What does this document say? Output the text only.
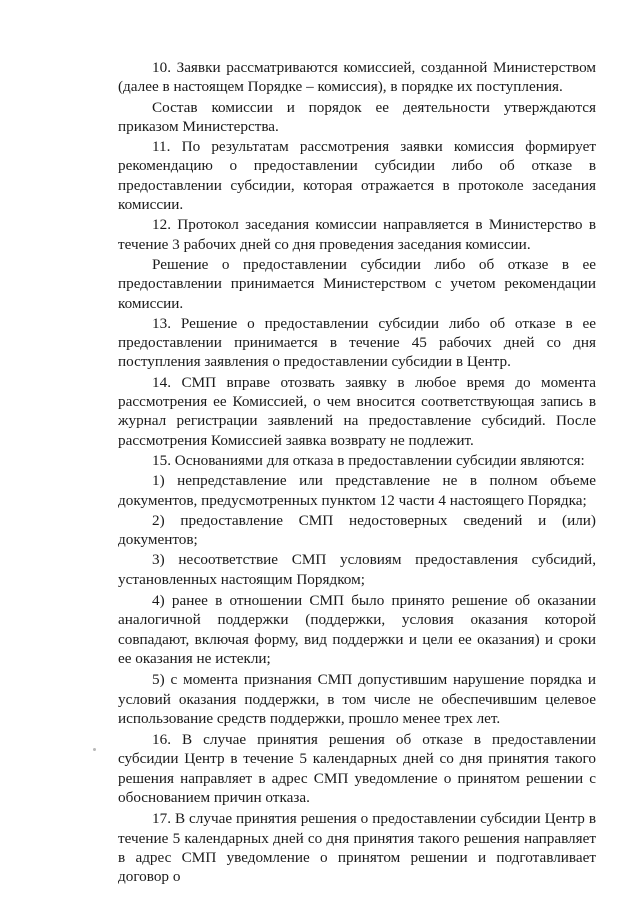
10. Заявки рассматриваются комиссией, созданной Министерством (далее в настоящем Порядке – комиссия), в порядке их поступления.

Состав комиссии и порядок ее деятельности утверждаются приказом Министерства.

11. По результатам рассмотрения заявки комиссия формирует рекомендацию о предоставлении субсидии либо об отказе в предоставлении субсидии, которая отражается в протоколе заседания комиссии.

12. Протокол заседания комиссии направляется в Министерство в течение 3 рабочих дней со дня проведения заседания комиссии.

Решение о предоставлении субсидии либо об отказе в ее предоставлении принимается Министерством с учетом рекомендации комиссии.

13. Решение о предоставлении субсидии либо об отказе в ее предоставлении принимается в течение 45 рабочих дней со дня поступления заявления о предоставлении субсидии в Центр.

14. СМП вправе отозвать заявку в любое время до момента рассмотрения ее Комиссией, о чем вносится соответствующая запись в журнал регистрации заявлений на предоставление субсидий. После рассмотрения Комиссией заявка возврату не подлежит.

15. Основаниями для отказа в предоставлении субсидии являются:

1) непредставление или представление не в полном объеме документов, предусмотренных пунктом 12 части 4 настоящего Порядка;

2) предоставление СМП недостоверных сведений и (или) документов;

3) несоответствие СМП условиям предоставления субсидий, установленных настоящим Порядком;

4) ранее в отношении СМП было принято решение об оказании аналогичной поддержки (поддержки, условия оказания которой совпадают, включая форму, вид поддержки и цели ее оказания) и сроки ее оказания не истекли;

5) с момента признания СМП допустившим нарушение порядка и условий оказания поддержки, в том числе не обеспечившим целевое использование средств поддержки, прошло менее трех лет.

16. В случае принятия решения об отказе в предоставлении субсидии Центр в течение 5 календарных дней со дня принятия такого решения направляет в адрес СМП уведомление о принятом решении с обоснованием причин отказа.

17. В случае принятия решения о предоставлении субсидии Центр в течение 5 календарных дней со дня принятия такого решения направляет в адрес СМП уведомление о принятом решении и подготавливает договор о
